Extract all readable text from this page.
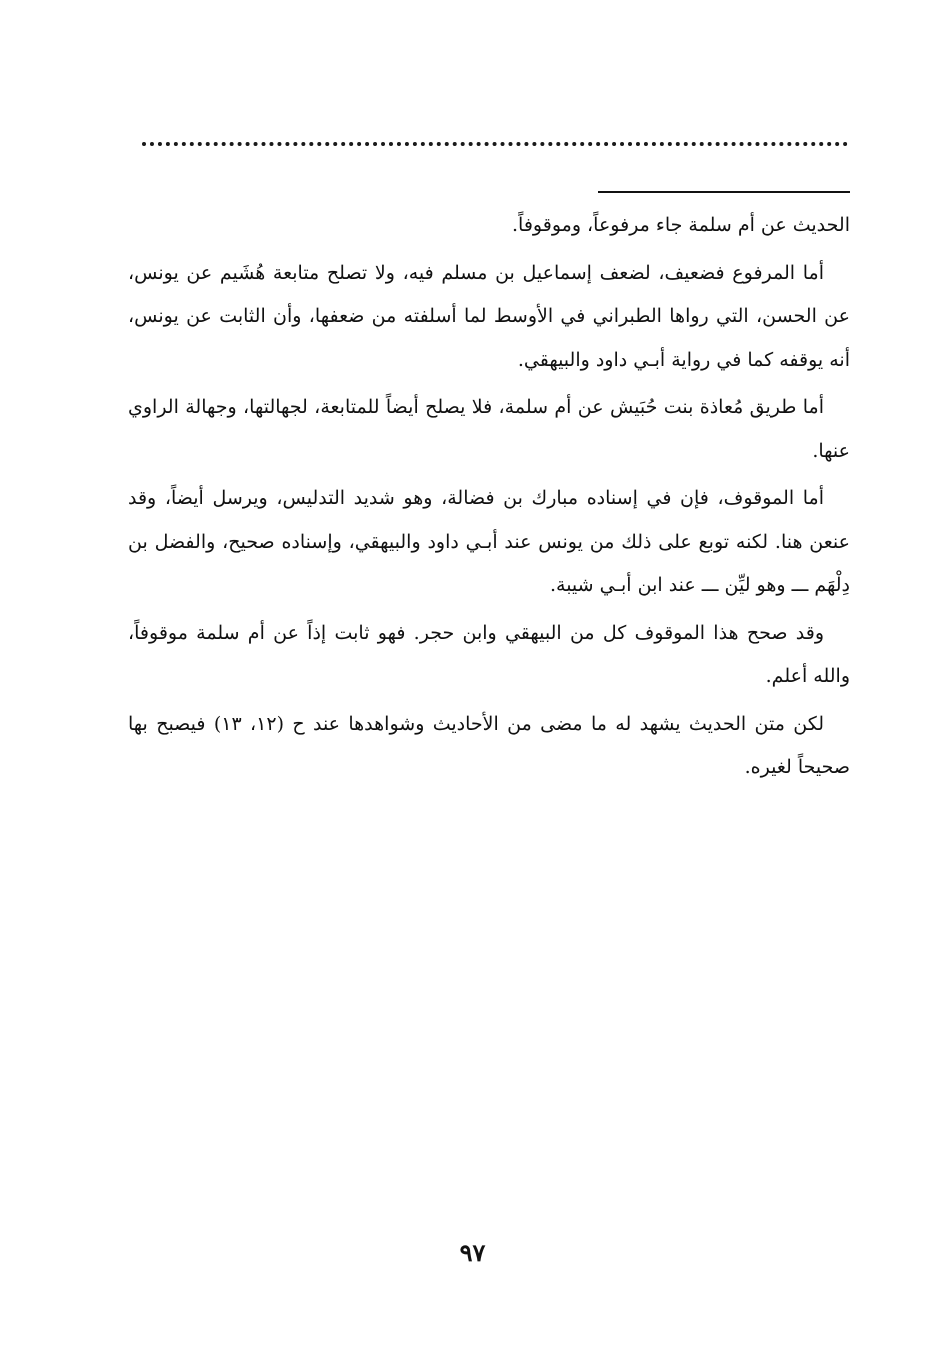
الحديث عن أم سلمة جاء مرفوعاً، وموقوفاً.

أما المرفوع فضعيف، لضعف إسماعيل بن مسلم فيه، ولا تصلح متابعة هُشَيم عن يونس، عن الحسن، التي رواها الطبراني في الأوسط لما أسلفته من ضعفها، وأن الثابت عن يونس، أنه يوقفه كما في رواية أبـي داود والبيهقي.

أما طريق مُعاذة بنت حُبَيش عن أم سلمة، فلا يصلح أيضاً للمتابعة، لجهالتها، وجهالة الراوي عنها.

أما الموقوف، فإن في إسناده مبارك بن فضالة، وهو شديد التدليس، ويرسل أيضاً، وقد عنعن هنا. لكنه توبع على ذلك من يونس عند أبـي داود والبيهقي، وإسناده صحيح، والفضل بن دِلْهَم ـــ وهو ليِّن ـــ عند ابن أبـي شيبة.

وقد صحح هذا الموقوف كل من البيهقي وابن حجر. فهو ثابت إذاً عن أم سلمة موقوفاً، والله أعلم.

لكن متن الحديث يشهد له ما مضى من الأحاديث وشواهدها عند ح (١٢، ١٣) فيصبح بها صحيحاً لغيره.

٩٧
